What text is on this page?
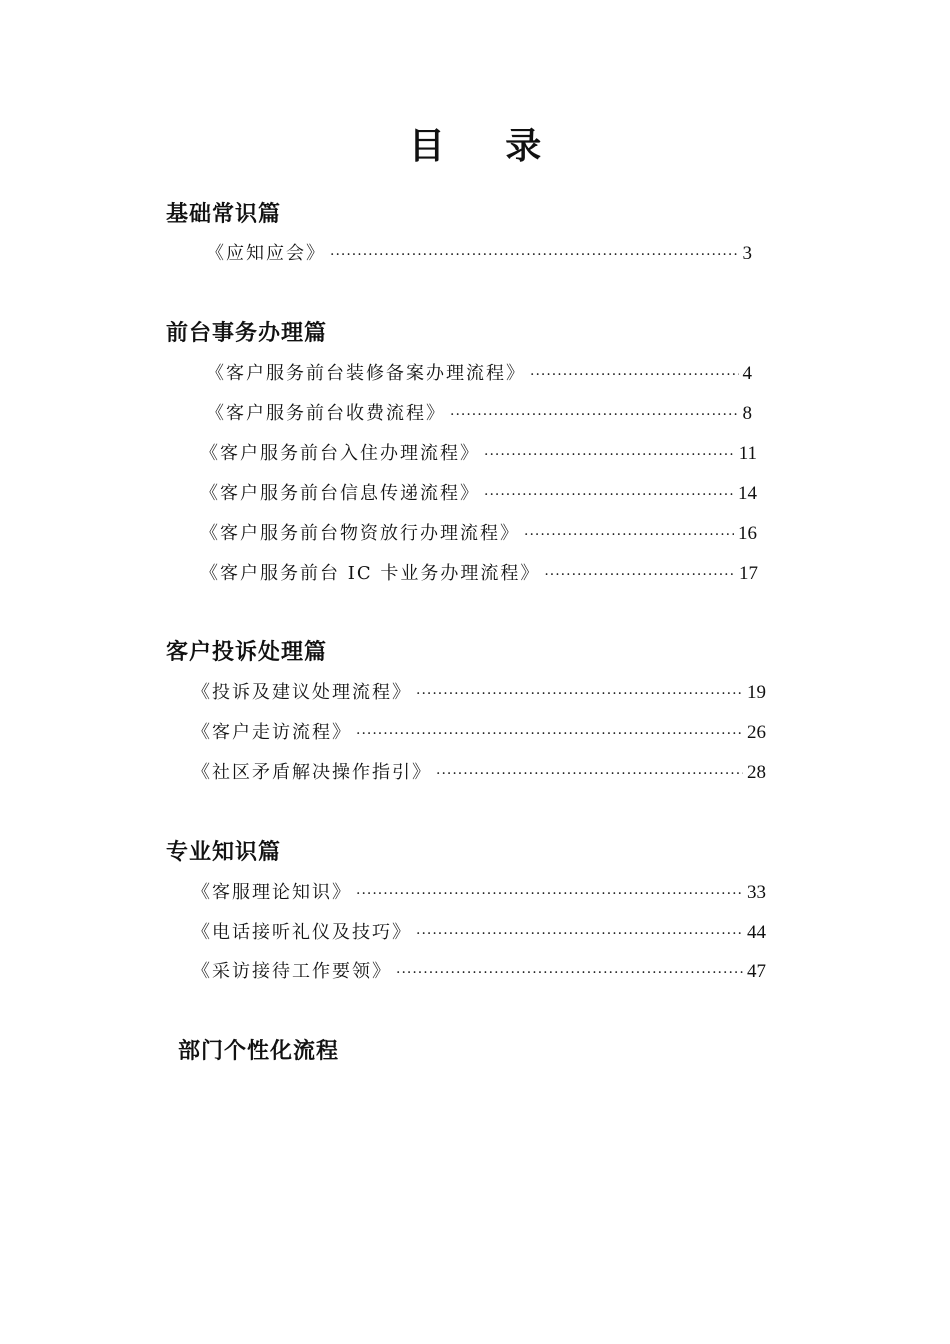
目 录
基础常识篇
《应知应会》 ·····	3
前台事务办理篇
《客户服务前台装修备案办理流程》 ·····	4
《客户服务前台收费流程》 ·····	8
《客户服务前台入住办理流程》 ·····	11
《客户服务前台信息传递流程》 ·····	14
《客户服务前台物资放行办理流程》 ·····	16
《客户服务前台 IC 卡业务办理流程》 ·····	17
客户投诉处理篇
《投诉及建议处理流程》 ·····	19
《客户走访流程》 ·····	26
《社区矛盾解决操作指引》 ·····	28
专业知识篇
《客服理论知识》 ·····	33
《电话接听礼仪及技巧》 ·····	44
《采访接待工作要领》 ·····	47
部门个性化流程
